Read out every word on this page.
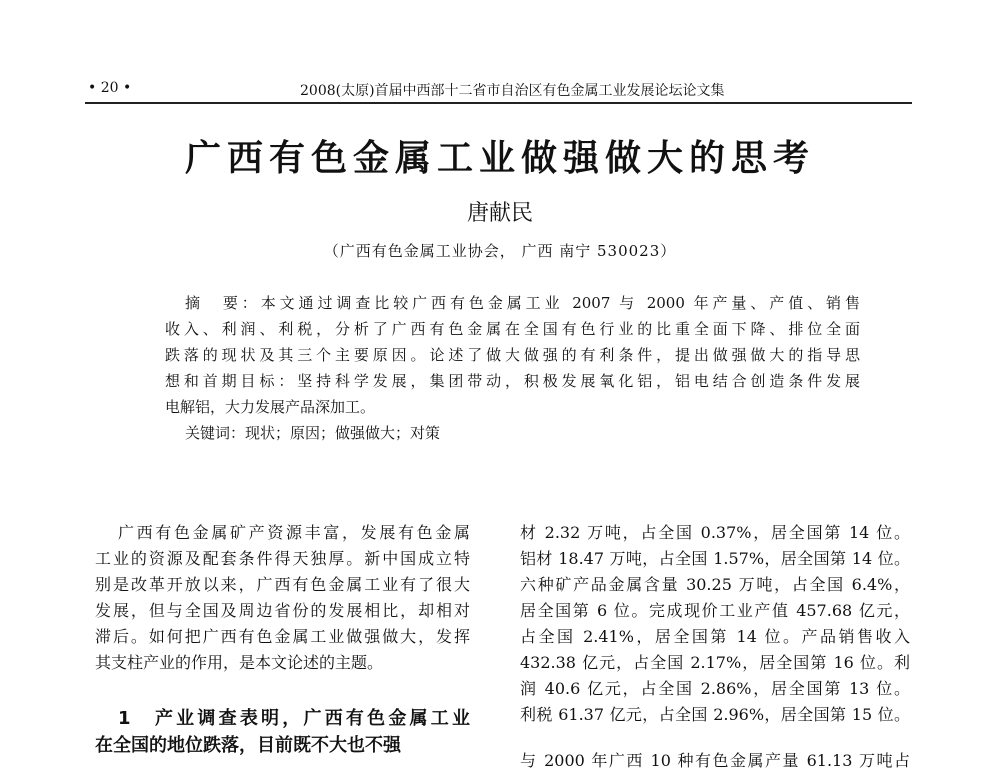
• 20 •	2008(太原)首届中西部十二省市自治区有色金属工业发展论坛论文集
广西有色金属工业做强做大的思考
唐献民
（广西有色金属工业协会， 广西 南宁 530023）
摘　要：本文通过调查比较广西有色金属工业 2007 与 2000 年产量、产值、销售
收入、利润、利税，分析了广西有色金属在全国有色行业的比重全面下降、排位全面
跌落的现状及其三个主要原因。论述了做大做强的有利条件，提出做强做大的指导思
想和首期目标：坚持科学发展，集团带动，积极发展氧化铝，铝电结合创造条件发展
电解铝，大力发展产品深加工。
关键词：现状；原因；做强做大；对策
广西有色金属矿产资源丰富，发展有色金属
工业的资源及配套条件得天独厚。新中国成立特
别是改革开放以来，广西有色金属工业有了很大
发展，但与全国及周边省份的发展相比，却相对
滞后。如何把广西有色金属工业做强做大，发挥
其支柱产业的作用，是本文论述的主题。
1　产业调查表明，广西有色金属工业
在全国的地位跌落，目前既不大也不强
材 2.32 万吨，占全国 0.37%，居全国第 14 位。
铝材 18.47 万吨，占全国 1.57%，居全国第 14 位。
六种矿产品金属含量 30.25 万吨，占全国 6.4%，
居全国第 6 位。完成现价工业产值 457.68 亿元，
占全国 2.41%，居全国第 14 位。产品销售收入
432.38 亿元，占全国 2.17%，居全国第 16 位。利
润 40.6 亿元，占全国 2.86%，居全国第 13 位。
利税 61.37 亿元，占全国 2.96%，居全国第 15 位。
与 2000 年广西 10 种有色金属产量 61.13 万吨占
